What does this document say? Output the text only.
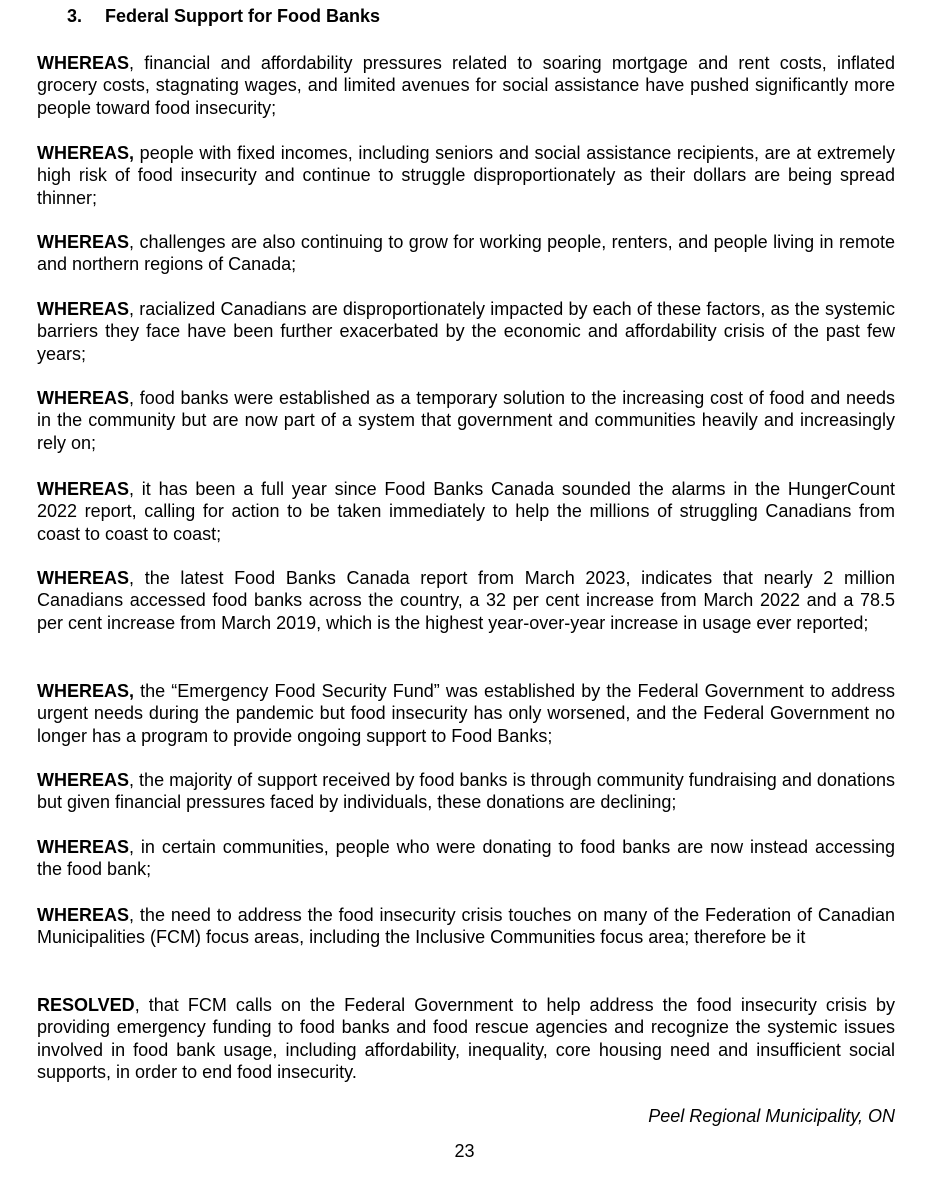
3. Federal Support for Food Banks

WHEREAS, financial and affordability pressures related to soaring mortgage and rent costs, inflated grocery costs, stagnating wages, and limited avenues for social assistance have pushed significantly more people toward food insecurity;

WHEREAS, people with fixed incomes, including seniors and social assistance recipients, are at extremely high risk of food insecurity and continue to struggle disproportionately as their dollars are being spread thinner;

WHEREAS, challenges are also continuing to grow for working people, renters, and people living in remote and northern regions of Canada;

WHEREAS, racialized Canadians are disproportionately impacted by each of these factors, as the systemic barriers they face have been further exacerbated by the economic and affordability crisis of the past few years;

WHEREAS, food banks were established as a temporary solution to the increasing cost of food and needs in the community but are now part of a system that government and communities heavily and increasingly rely on;

WHEREAS, it has been a full year since Food Banks Canada sounded the alarms in the HungerCount 2022 report, calling for action to be taken immediately to help the millions of struggling Canadians from coast to coast to coast;

WHEREAS, the latest Food Banks Canada report from March 2023, indicates that nearly 2 million Canadians accessed food banks across the country, a 32 per cent increase from March 2022 and a 78.5 per cent increase from March 2019, which is the highest year-over-year increase in usage ever reported;

WHEREAS, the “Emergency Food Security Fund” was established by the Federal Government to address urgent needs during the pandemic but food insecurity has only worsened, and the Federal Government no longer has a program to provide ongoing support to Food Banks;

WHEREAS, the majority of support received by food banks is through community fundraising and donations but given financial pressures faced by individuals, these donations are declining;

WHEREAS, in certain communities, people who were donating to food banks are now instead accessing the food bank;

WHEREAS, the need to address the food insecurity crisis touches on many of the Federation of Canadian Municipalities (FCM) focus areas, including the Inclusive Communities focus area; therefore be it

RESOLVED, that FCM calls on the Federal Government to help address the food insecurity crisis by providing emergency funding to food banks and food rescue agencies and recognize the systemic issues involved in food bank usage, including affordability, inequality, core housing need and insufficient social supports, in order to end food insecurity.

Peel Regional Municipality, ON
23
